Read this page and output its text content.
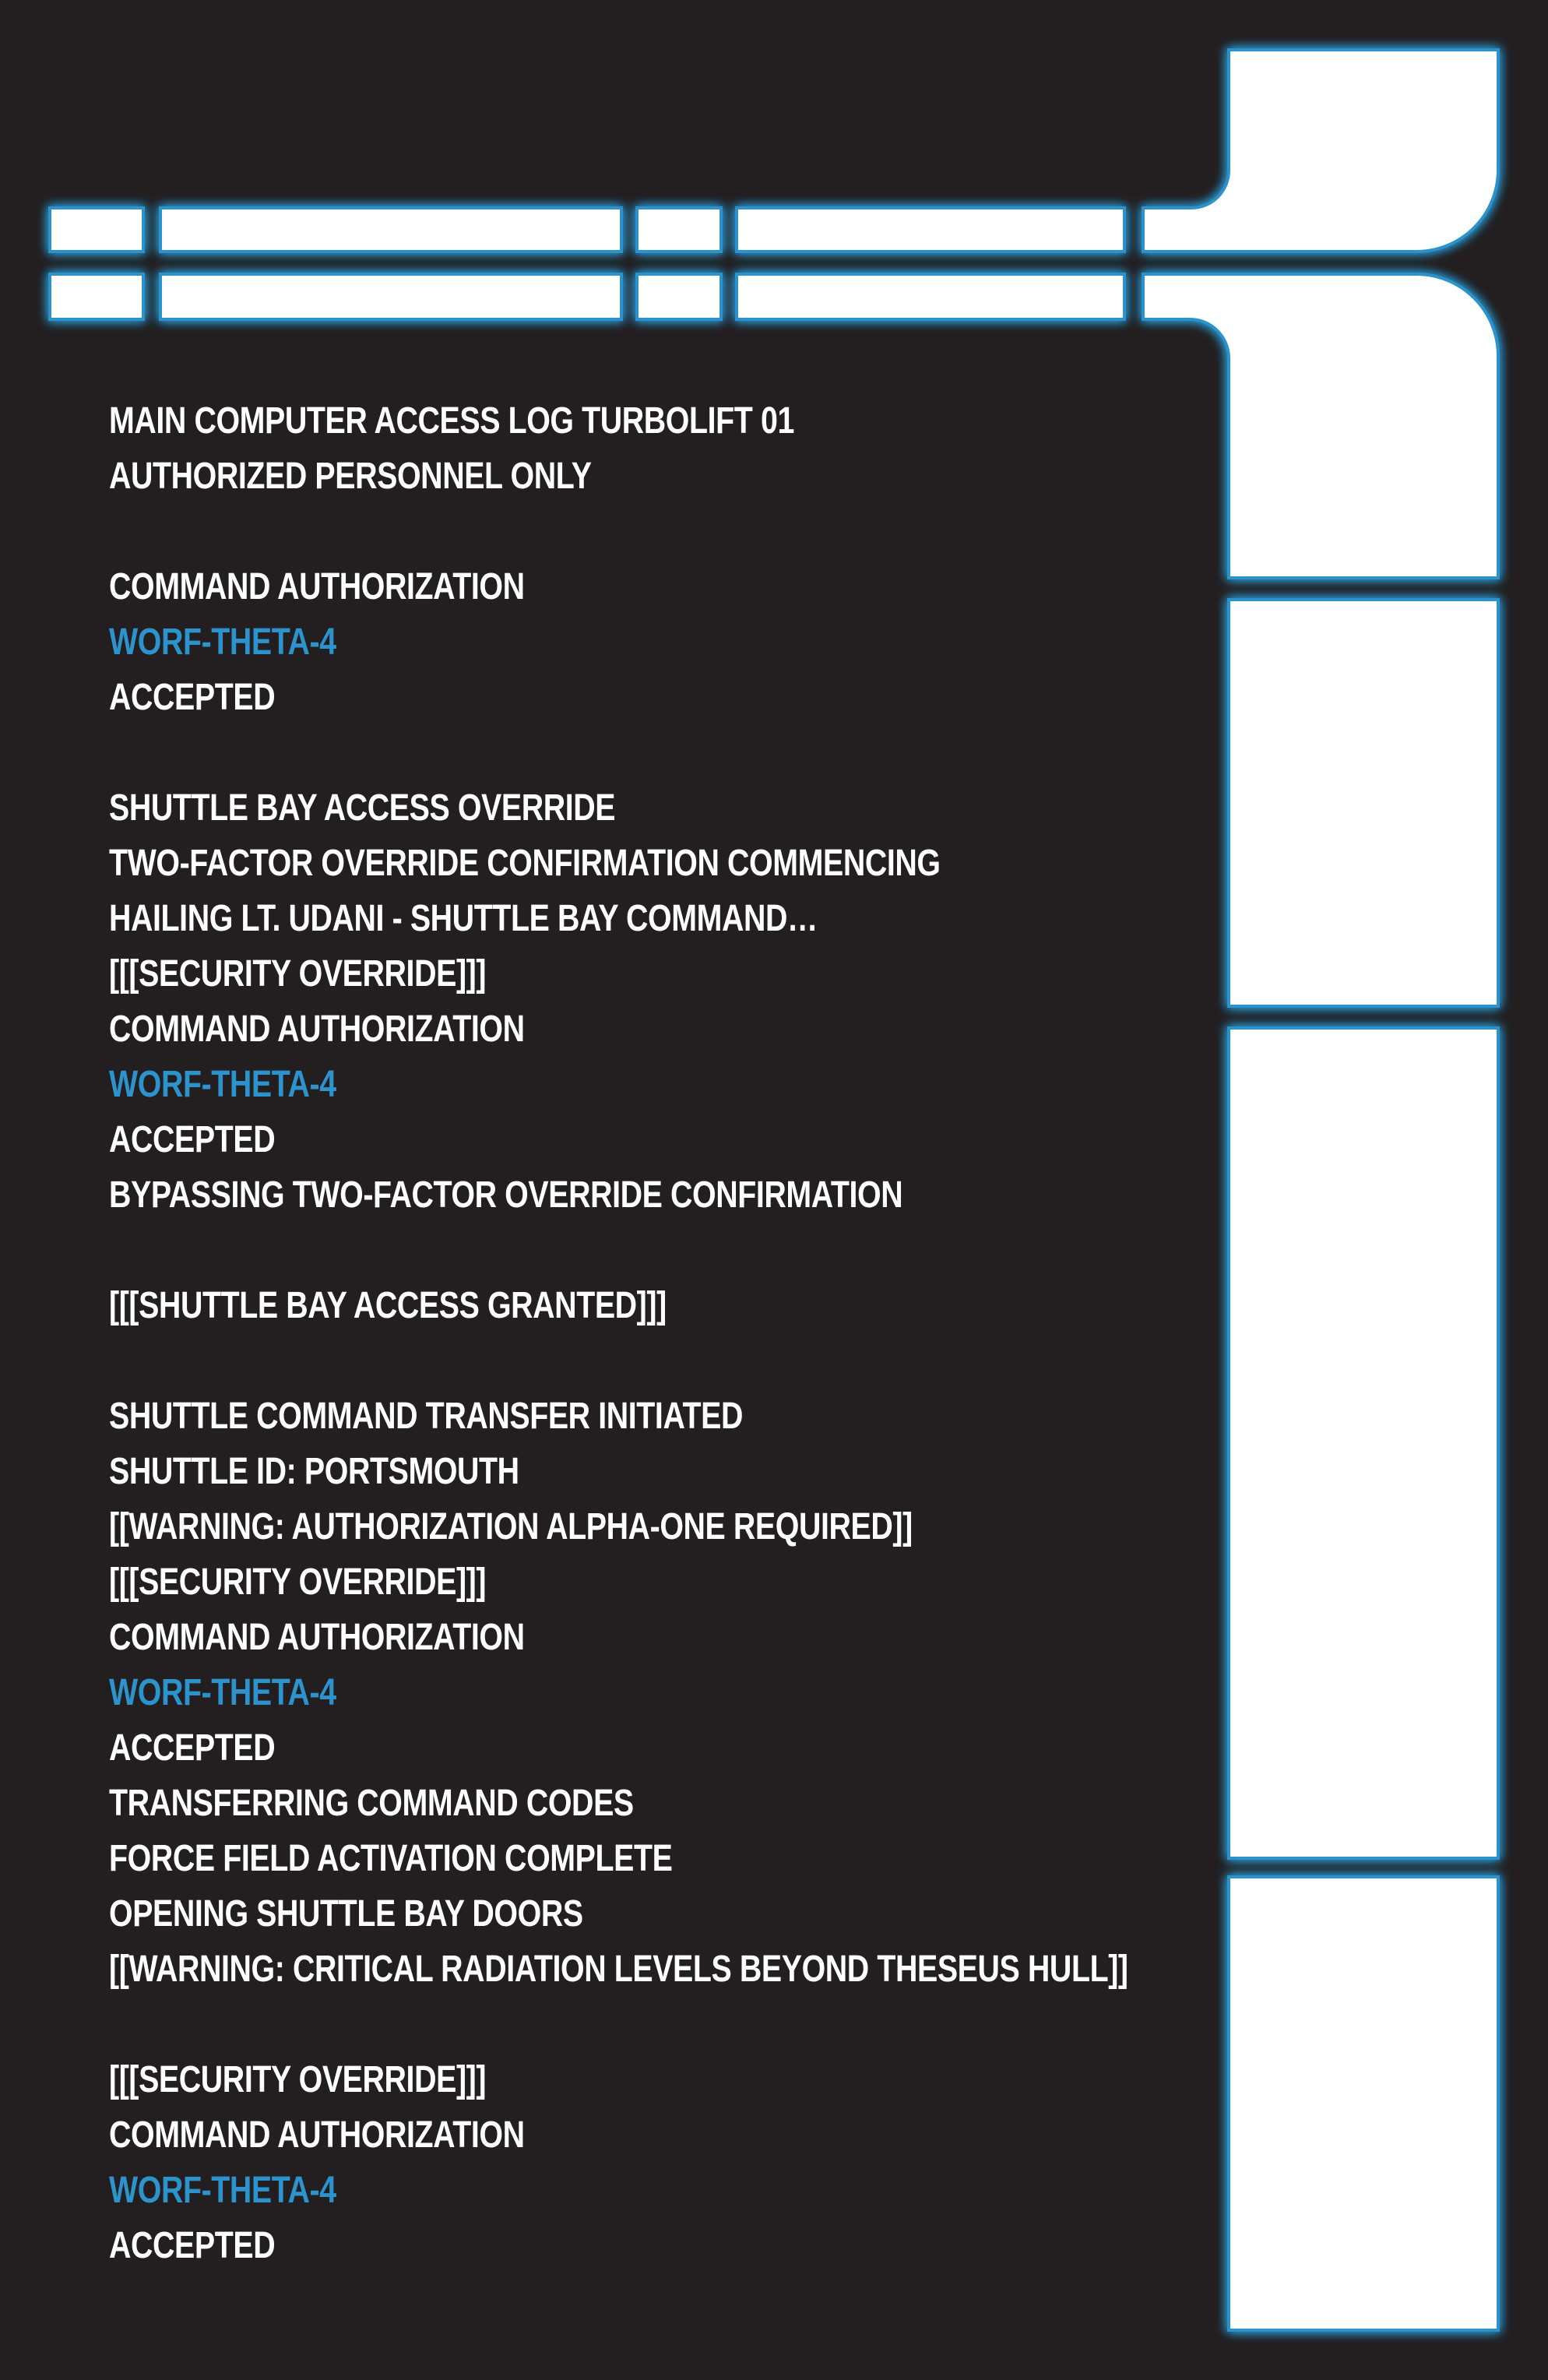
MAIN COMPUTER ACCESS LOG TURBOLIFT 01
AUTHORIZED PERSONNEL ONLY
COMMAND AUTHORIZATION
WORF-THETA-4
ACCEPTED
SHUTTLE BAY ACCESS OVERRIDE
TWO-FACTOR OVERRIDE CONFIRMATION COMMENCING
HAILING LT. UDANI - SHUTTLE BAY COMMAND…
[[[SECURITY OVERRIDE]]]
COMMAND AUTHORIZATION
WORF-THETA-4
ACCEPTED
BYPASSING TWO-FACTOR OVERRIDE CONFIRMATION
[[[SHUTTLE BAY ACCESS GRANTED]]]
SHUTTLE COMMAND TRANSFER INITIATED
SHUTTLE ID: PORTSMOUTH
[[WARNING: AUTHORIZATION ALPHA-ONE REQUIRED]]
[[[SECURITY OVERRIDE]]]
COMMAND AUTHORIZATION
WORF-THETA-4
ACCEPTED
TRANSFERRING COMMAND CODES
FORCE FIELD ACTIVATION COMPLETE
OPENING SHUTTLE BAY DOORS
[[WARNING: CRITICAL RADIATION LEVELS BEYOND THESEUS HULL]]
[[[SECURITY OVERRIDE]]]
COMMAND AUTHORIZATION
WORF-THETA-4
ACCEPTED
